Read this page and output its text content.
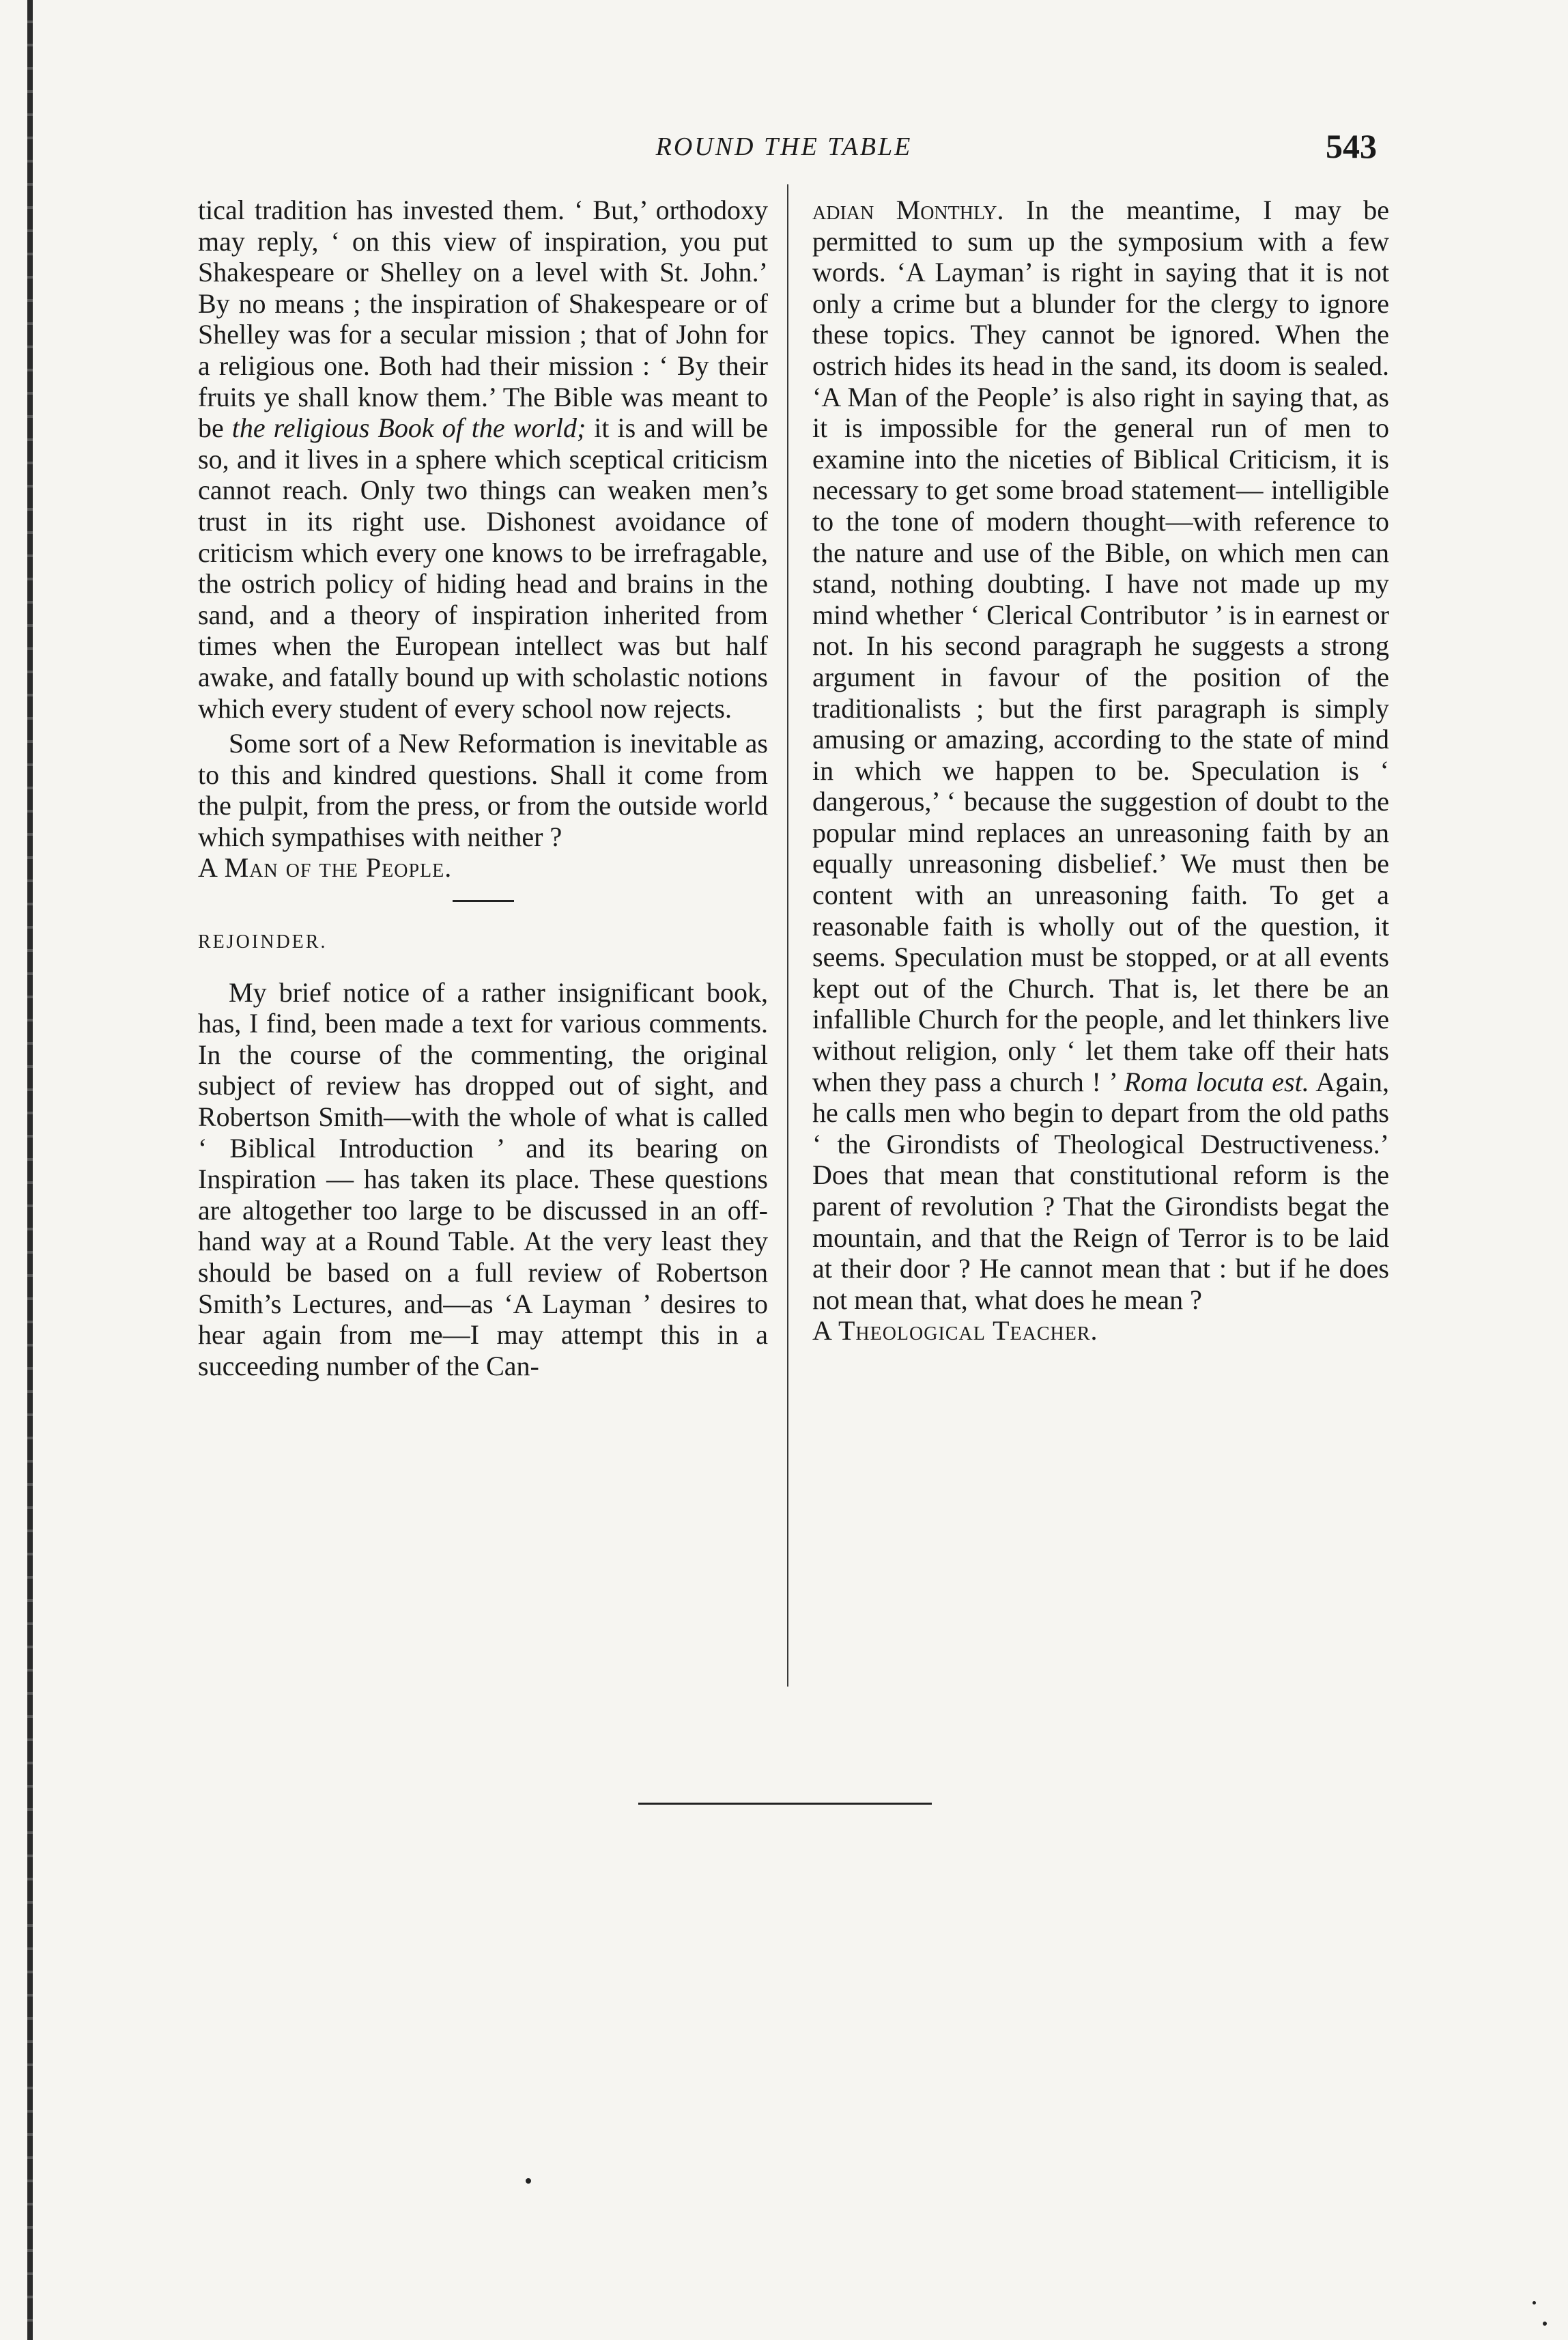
ROUND THE TABLE	543

tical tradition has invested them. ‘ But,’ orthodoxy may reply, ‘ on this view of inspiration, you put Shakespeare or Shelley on a level with St. John.’ By no means ; the inspiration of Shakespeare or of Shelley was for a secular mission ; that of John for a religious one. Both had their mission : ‘ By their fruits ye shall know them.’ The Bible was meant to be the religious Book of the world; it is and will be so, and it lives in a sphere which sceptical criticism cannot reach. Only two things can weaken men’s trust in its right use. Dishonest avoidance of criticism which every one knows to be irrefragable, the ostrich policy of hiding head and brains in the sand, and a theory of inspiration inherited from times when the European intellect was but half awake, and fatally bound up with scholastic notions which every student of every school now rejects.

Some sort of a New Reformation is inevitable as to this and kindred questions. Shall it come from the pulpit, from the press, or from the outside world which sympathises with neither ?

A Man of the People.

REJOINDER.

My brief notice of a rather insignificant book, has, I find, been made a text for various comments. In the course of the commenting, the original subject of review has dropped out of sight, and Robertson Smith—with the whole of what is called ‘ Biblical Introduction ’ and its bearing on Inspiration — has taken its place. These questions are altogether too large to be discussed in an off-hand way at a Round Table. At the very least they should be based on a full review of Robertson Smith’s Lectures, and—as ‘A Layman ’ desires to hear again from me—I may attempt this in a succeeding number of the Can-

adian Monthly. In the meantime, I may be permitted to sum up the symposium with a few words. ‘A Layman’ is right in saying that it is not only a crime but a blunder for the clergy to ignore these topics. They cannot be ignored. When the ostrich hides its head in the sand, its doom is sealed. ‘A Man of the People’ is also right in saying that, as it is impossible for the general run of men to examine into the niceties of Biblical Criticism, it is necessary to get some broad statement— intelligible to the tone of modern thought—with reference to the nature and use of the Bible, on which men can stand, nothing doubting. I have not made up my mind whether ‘ Clerical Contributor ’ is in earnest or not. In his second paragraph he suggests a strong argument in favour of the position of the traditionalists ; but the first paragraph is simply amusing or amazing, according to the state of mind in which we happen to be. Speculation is ‘ dangerous,’ ‘ because the suggestion of doubt to the popular mind replaces an unreasoning faith by an equally unreasoning disbelief.’ We must then be content with an unreasoning faith. To get a reasonable faith is wholly out of the question, it seems. Speculation must be stopped, or at all events kept out of the Church. That is, let there be an infallible Church for the people, and let thinkers live without religion, only ‘ let them take off their hats when they pass a church ! ’ Roma locuta est. Again, he calls men who begin to depart from the old paths ‘ the Girondists of Theological Destructiveness.’ Does that mean that constitutional reform is the parent of revolution ? That the Girondists begat the mountain, and that the Reign of Terror is to be laid at their door ? He cannot mean that : but if he does not mean that, what does he mean ?

A Theological Teacher.
